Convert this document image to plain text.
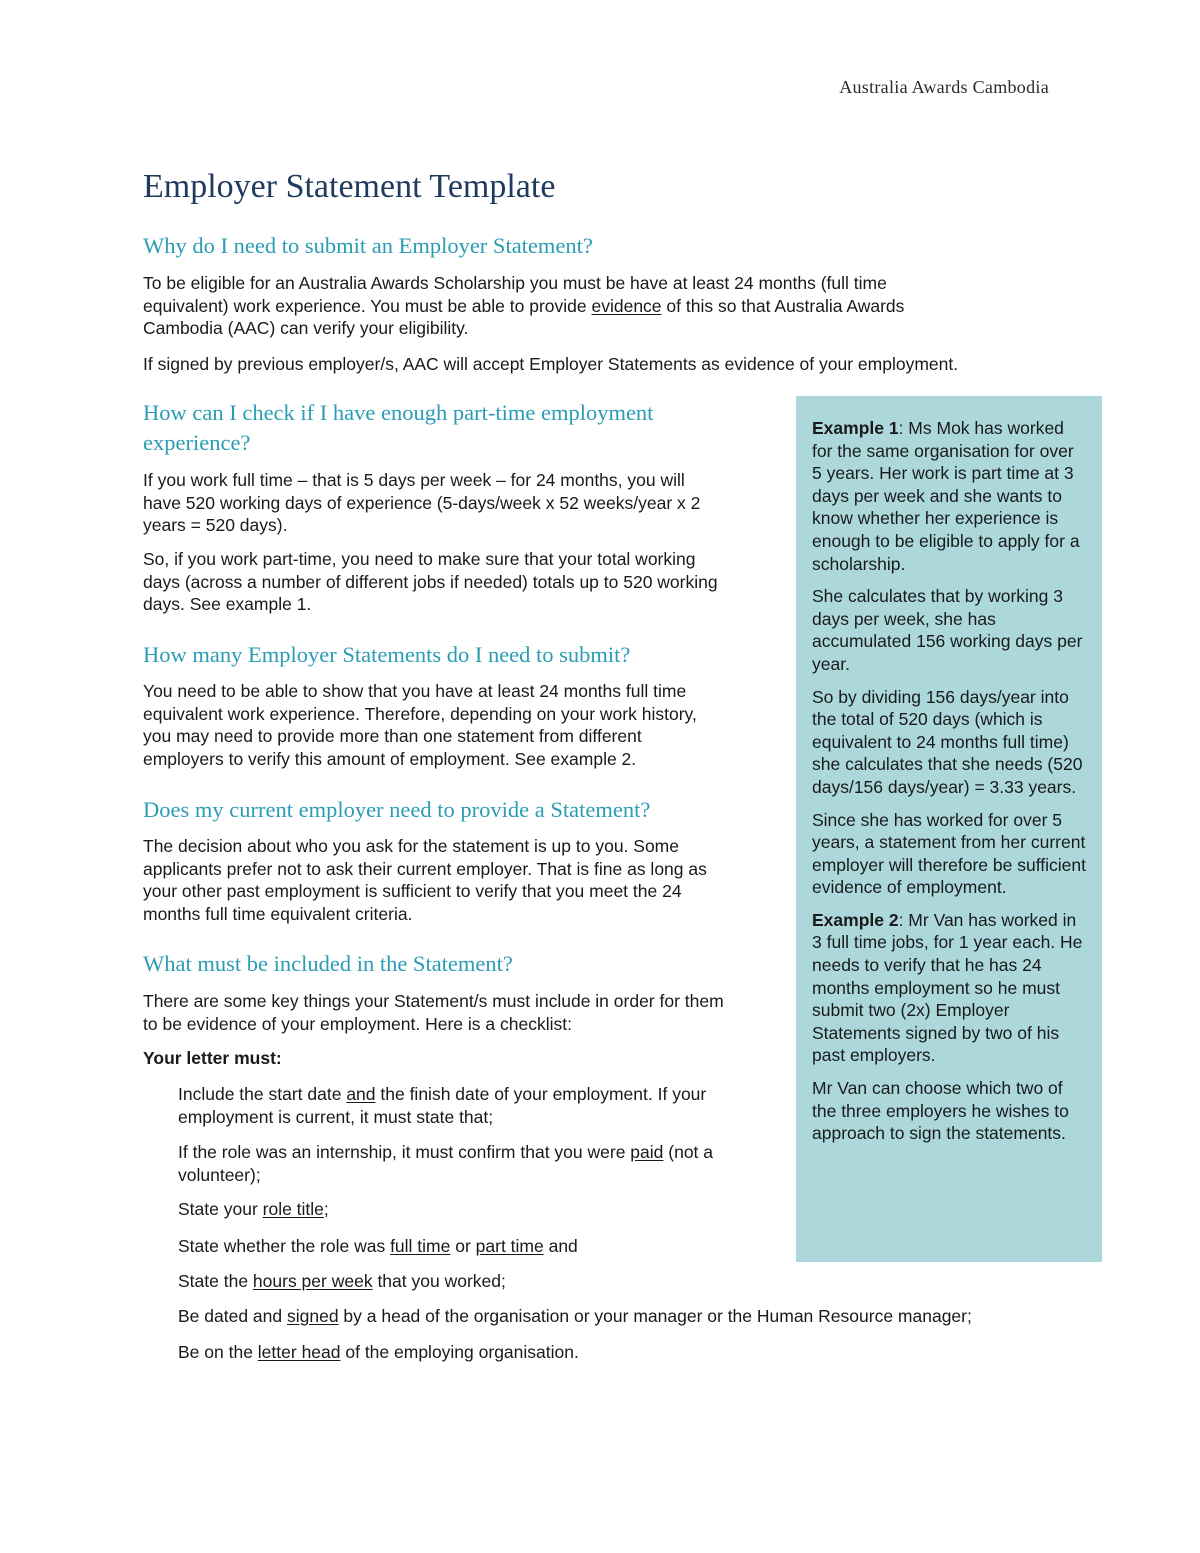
Australia Awards Cambodia
Employer Statement Template
Why do I need to submit an Employer Statement?
To be eligible for an Australia Awards Scholarship you must be have at least 24 months (full time
equivalent) work experience. You must be able to provide evidence of this so that Australia Awards
Cambodia (AAC) can verify your eligibility.
If signed by previous employer/s, AAC will accept Employer Statements as evidence of your employment.
How can I check if I have enough part-time employment
experience?
If you work full time – that is 5 days per week – for 24 months, you will
have 520 working days of experience (5-days/week x 52 weeks/year x 2
years = 520 days).
So, if you work part-time, you need to make sure that your total working
days (across a number of different jobs if needed) totals up to 520 working
days. See example 1.
How many Employer Statements do I need to submit?
You need to be able to show that you have at least 24 months full time
equivalent work experience. Therefore, depending on your work history,
you may need to provide more than one statement from different
employers to verify this amount of employment. See example 2.
Does my current employer need to provide a Statement?
The decision about who you ask for the statement is up to you. Some
applicants prefer not to ask their current employer. That is fine as long as
your other past employment is sufficient to verify that you meet the 24
months full time equivalent criteria.
What must be included in the Statement?
There are some key things your Statement/s must include in order for them
to be evidence of your employment. Here is a checklist:
Your letter must:
Include the start date and the finish date of your employment. If your
employment is current, it must state that;
If the role was an internship, it must confirm that you were paid (not a
volunteer);
State your role title;
State whether the role was full time or part time and
State the hours per week that you worked;
Be dated and signed by a head of the organisation or your manager or the Human Resource manager;
Be on the letter head of the employing organisation.

Example 1: Ms Mok has worked for the same organisation for over 5 years. Her work is part time at 3 days per week and she wants to know whether her experience is enough to be eligible to apply for a scholarship.

She calculates that by working 3 days per week, she has accumulated 156 working days per year.

So by dividing 156 days/year into the total of 520 days (which is equivalent to 24 months full time) she calculates that she needs (520 days/156 days/year) = 3.33 years.

Since she has worked for over 5 years, a statement from her current employer will therefore be sufficient evidence of employment.

Example 2: Mr Van has worked in 3 full time jobs, for 1 year each. He needs to verify that he has 24 months employment so he must submit two (2x) Employer Statements signed by two of his past employers.

Mr Van can choose which two of the three employers he wishes to approach to sign the statements.
